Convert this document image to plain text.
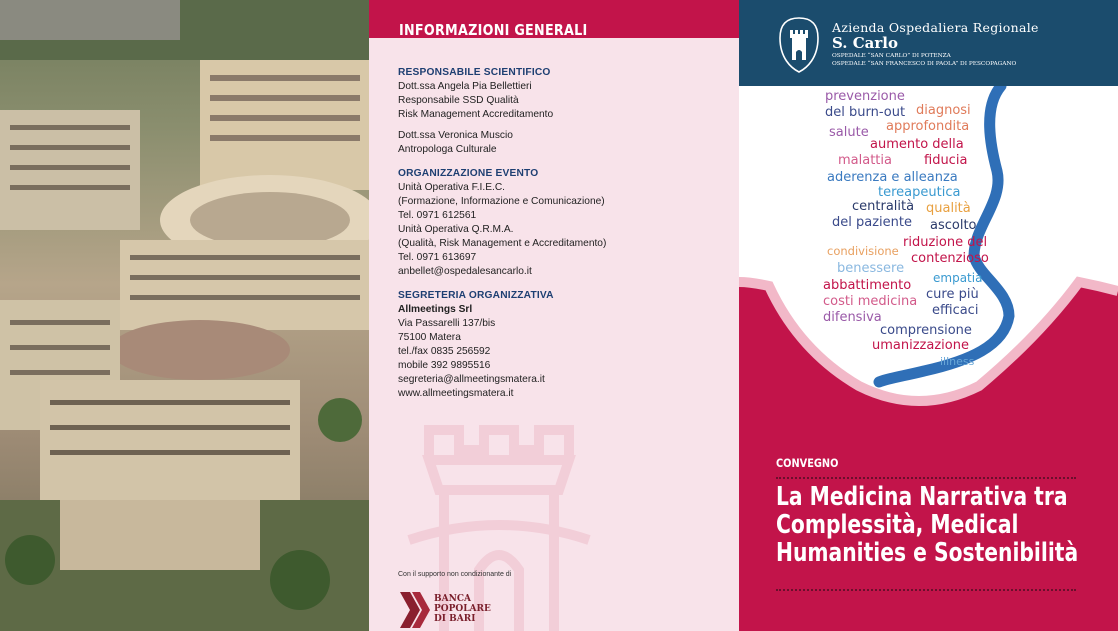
INFORMAZIONI GENERALI
RESPONSABILE SCIENTIFICO
Dott.ssa Angela Pia Bellettieri
Responsabile SSD Qualità
Risk Management Accreditamento
Dott.ssa Veronica Muscio
Antropologa Culturale
ORGANIZZAZIONE EVENTO
Unità Operativa F.I.E.C.
(Formazione, Informazione e Comunicazione)
Tel. 0971 612561
Unità Operativa Q.R.M.A.
(Qualità, Risk Management e Accreditamento)
Tel. 0971 613697
anbellet@ospedalesancarlo.it
SEGRETERIA ORGANIZZATIVA
Allmeetings Srl
Via Passarelli 137/bis
75100 Matera
tel./fax 0835 256592
mobile 392 9895516
segreteria@allmeetingsmatera.it
www.allmeetingsmatera.it
Con il supporto non condizionante di
BANCA
POPOLARE
DI BARI
Azienda Ospedaliera Regionale
S. Carlo
OSPEDALE “SAN CARLO” DI POTENZA
OSPEDALE “SAN FRANCESCO DI PAOLA” DI PESCOPAGANO
prevenzione
diagnosi
del burn-out
salute approfondita
aumento della
malattia fiducia
aderenza e alleanza
tereapeutica
centralità qualità
del paziente ascolto
condivisione
riduzione del
contenzioso
benessere
empatia
abbattimento
cure più
costi medicina
efficaci
difensiva
comprensione
umanizzazione
illness
CONVEGNO
La Medicina Narrativa tra
Complessità, Medical
Humanities e Sostenibilità
